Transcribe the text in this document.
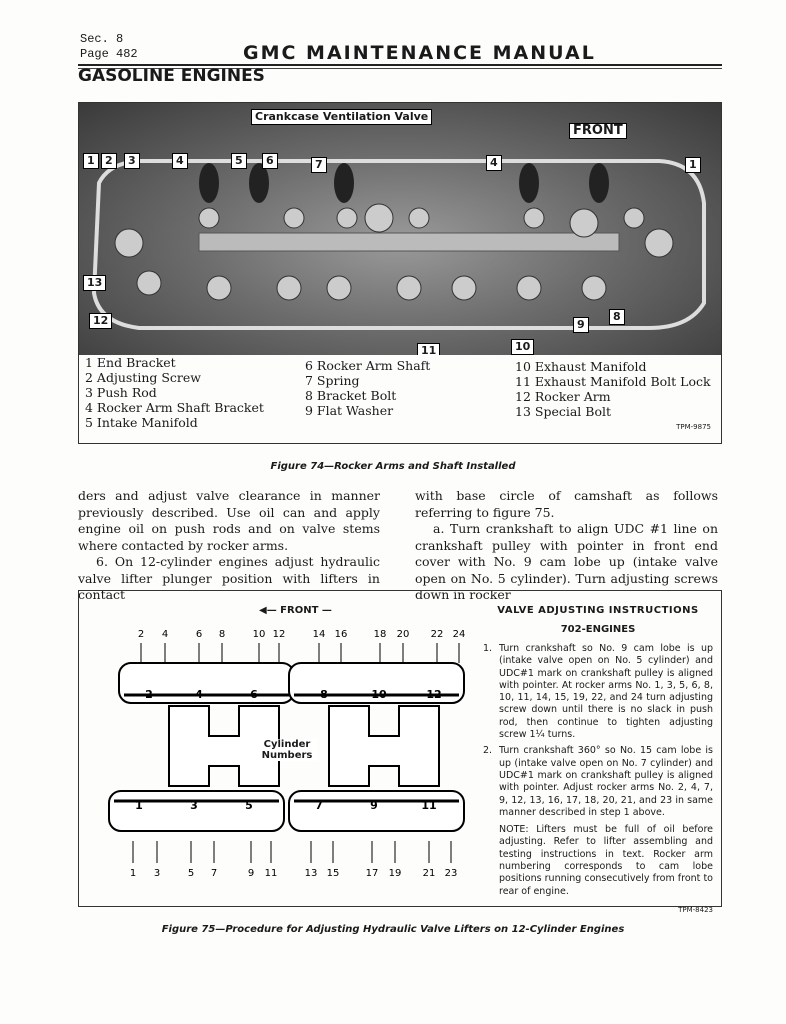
Sec. 8
Page 482	GMC MAINTENANCE MANUAL
GASOLINE ENGINES
Crankcase Ventilation Valve
FRONT
1 2	3	4	5	6	7	4	1
13
12
11	10
9
8
1 End Bracket
2 Adjusting Screw
3 Push Rod
4 Rocker Arm Shaft Bracket
5 Intake Manifold
6 Rocker Arm Shaft
7 Spring
8 Bracket Bolt
9 Flat Washer
10 Exhaust Manifold
11 Exhaust Manifold Bolt Lock
12 Rocker Arm
13 Special Bolt
TPM-9875
Figure 74—Rocker Arms and Shaft Installed
ders and adjust valve clearance in manner previously described. Use oil can and apply engine oil on push rods and on valve stems where contacted by rocker arms.
6. On 12-cylinder engines adjust hydraulic valve lifter plunger position with lifters in contact
with base circle of camshaft as follows referring to figure 75.
a. Turn crankshaft to align UDC #1 line on crankshaft pulley with pointer in front end cover with No. 9 cam lobe up (intake valve open on No. 5 cylinder). Turn adjusting screws down in rocker
◀— FRONT —
2
1
4
3
6
5
8
7
10
9
12
11
14
13
16
15
18
17
20
19
22
21
24
23
2	4	6	8	10	12
1	3	5	7	9	11
Cylinder Numbers
VALVE ADJUSTING INSTRUCTIONS
702-ENGINES
1. Turn crankshaft so No. 9 cam lobe is up (intake valve open on No. 5 cylinder) and UDC#1 mark on crankshaft pulley is aligned with pointer. At rocker arms No. 1, 3, 5, 6, 8, 10, 11, 14, 15, 19, 22, and 24 turn adjusting screw down until there is no slack in push rod, then continue to tighten adjusting screw 1¼ turns.
2. Turn crankshaft 360° so No. 15 cam lobe is up (intake valve open on No. 7 cylinder) and UDC#1 mark on crankshaft pulley is aligned with pointer. Adjust rocker arms No. 2, 4, 7, 9, 12, 13, 16, 17, 18, 20, 21, and 23 in same manner described in step 1 above.
NOTE: Lifters must be full of oil before adjusting. Refer to lifter assembling and testing instructions in text. Rocker arm numbering corresponds to cam lobe positions running consecutively from front to rear of engine.
TPM-8423
Figure 75—Procedure for Adjusting Hydraulic Valve Lifters on 12-Cylinder Engines
